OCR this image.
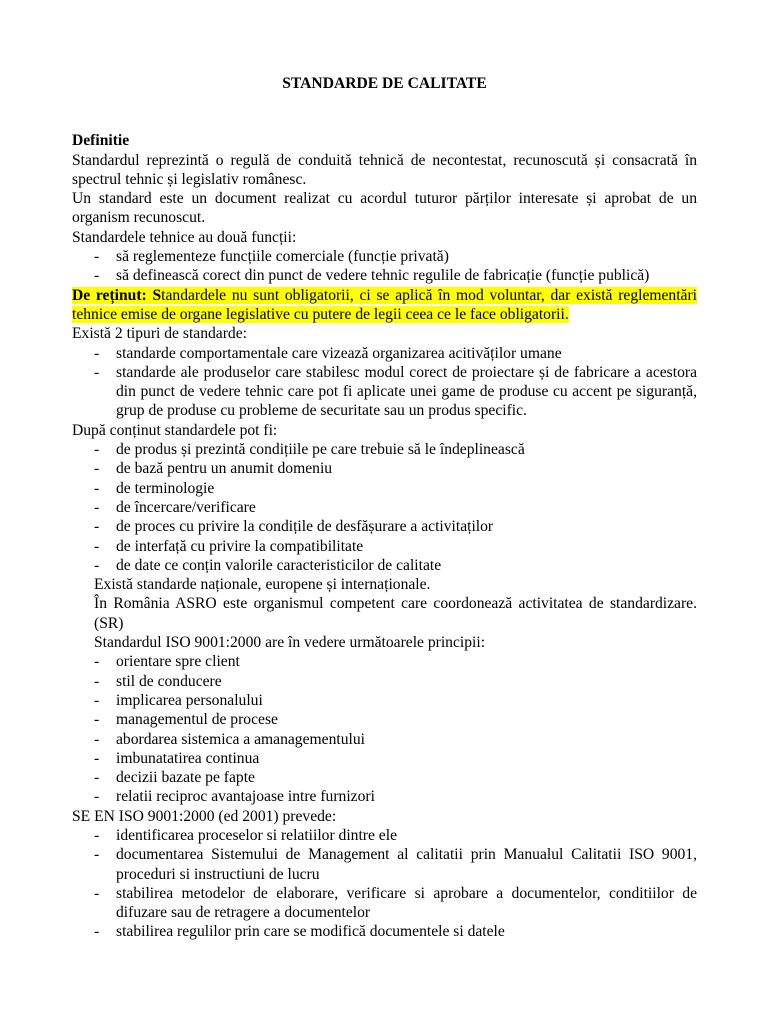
STANDARDE DE CALITATE

Definitie

Standardul reprezintă o regulă de conduită tehnică de necontestat, recunoscută și consacrată în spectrul tehnic și legislativ românesc.

Un standard este un document realizat cu acordul tuturor părților interesate și aprobat de un organism recunoscut.

Standardele tehnice au două funcții:

- să reglementeze funcțiile comerciale (funcție privată)
- să definească corect din punct de vedere tehnic regulile de fabricație (funcție publică)

De reținut: Standardele nu sunt obligatorii, ci se aplică în mod voluntar, dar există reglementări tehnice emise de organe legislative cu putere de legii ceea ce le face obligatorii.

Există 2 tipuri de standarde:

- standarde comportamentale care vizează organizarea acitivăților umane
- standarde ale produselor care stabilesc modul corect de proiectare și de fabricare a acestora din punct de vedere tehnic care pot fi aplicate unei game de produse cu accent pe siguranță, grup de produse cu probleme de securitate sau un produs specific.

După conținut standardele pot fi:

- de produs și prezintă condițiile pe care trebuie să le îndeplinească
- de bază pentru un anumit domeniu
- de terminologie
- de încercare/verificare
- de proces cu privire la condițile de desfășurare a activitaților
- de interfață cu privire la compatibilitate
- de date ce conțin valorile caracteristicilor de calitate

Există standarde naționale, europene și internaționale.

În România ASRO este organismul competent care coordonează activitatea de standardizare. (SR)

Standardul ISO 9001:2000 are în vedere următoarele principii:

- orientare spre client
- stil de conducere
- implicarea personalului
- managementul de procese
- abordarea sistemica a amanagementului
- imbunatatirea continua
- decizii bazate pe fapte
- relatii reciproc avantajoase intre furnizori

SE EN ISO 9001:2000 (ed 2001) prevede:

- identificarea proceselor si relatiilor dintre ele
- documentarea Sistemului de Management al calitatii prin Manualul Calitatii ISO 9001, proceduri si instructiuni de lucru
- stabilirea metodelor de elaborare, verificare si aprobare a documentelor, conditiilor de difuzare sau de retragere a documentelor
- stabilirea regulilor prin care se modifică documentele si datele
